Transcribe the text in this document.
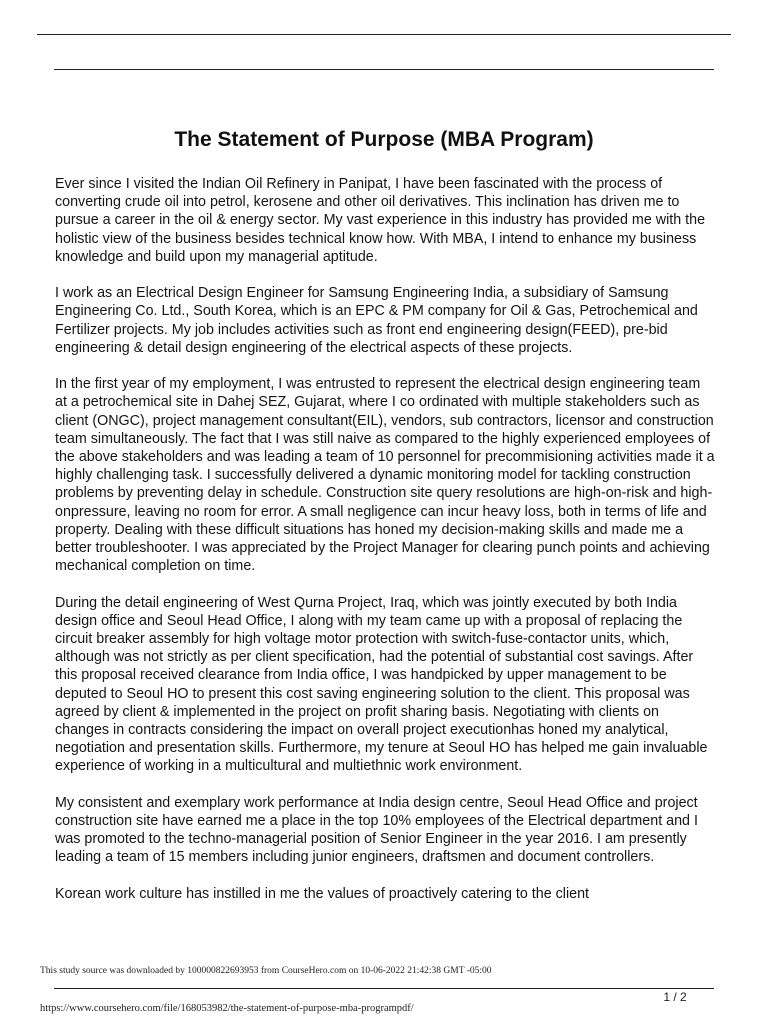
The Statement of Purpose (MBA Program)

Ever since I visited the Indian Oil Refinery in Panipat, I have been fascinated with the process of converting crude oil into petrol, kerosene and other oil derivatives. This inclination has driven me to pursue a career in the oil & energy sector. My vast experience in this industry has provided me with the holistic view of the business besides technical know how. With MBA, I intend to enhance my business knowledge and build upon my managerial aptitude.

I work as an Electrical Design Engineer for Samsung Engineering India, a subsidiary of Samsung Engineering Co. Ltd., South Korea, which is an EPC & PM company for Oil & Gas, Petrochemical and Fertilizer projects. My job includes activities such as front end engineering design(FEED), pre-bid engineering & detail design engineering of the electrical aspects of these projects.

In the first year of my employment, I was entrusted to represent the electrical design engineering team at a petrochemical site in Dahej SEZ, Gujarat, where I co ordinated with multiple stakeholders such as client (ONGC), project management consultant(EIL), vendors, sub contractors, licensor and construction team simultaneously. The fact that I was still naive as compared to the highly experienced employees of the above stakeholders and was leading a team of 10 personnel for precommisioning activities made it a highly challenging task. I successfully delivered a dynamic monitoring model for tackling construction problems by preventing delay in schedule. Construction site query resolutions are high-on-risk and high-onpressure, leaving no room for error. A small negligence can incur heavy loss, both in terms of life and property. Dealing with these difficult situations has honed my decision-making skills and made me a better troubleshooter. I was appreciated by the Project Manager for clearing punch points and achieving mechanical completion on time.

During the detail engineering of West Qurna Project, Iraq, which was jointly executed by both India design office and Seoul Head Office, I along with my team came up with a proposal of replacing the circuit breaker assembly for high voltage motor protection with switch-fuse-contactor units, which, although was not strictly as per client specification, had the potential of substantial cost savings. After this proposal received clearance from India office, I was handpicked by upper management to be deputed to Seoul HO to present this cost saving engineering solution to the client. This proposal was agreed by client & implemented in the project on profit sharing basis. Negotiating with clients on changes in contracts considering the impact on overall project executionhas honed my analytical, negotiation and presentation skills. Furthermore, my tenure at Seoul HO has helped me gain invaluable experience of working in a multicultural and multiethnic work environment.

My consistent and exemplary work performance at India design centre, Seoul Head Office and project construction site have earned me a place in the top 10% employees of the Electrical department and I was promoted to the techno-managerial position of Senior Engineer in the year 2016. I am presently leading a team of 15 members including junior engineers, draftsmen and document controllers.

Korean work culture has instilled in me the values of proactively catering to the client

This study source was downloaded by 100000822693953 from CourseHero.com on 10-06-2022 21:42:38 GMT -05:00
1 / 2
https://www.coursehero.com/file/168053982/the-statement-of-purpose-mba-programpdf/
